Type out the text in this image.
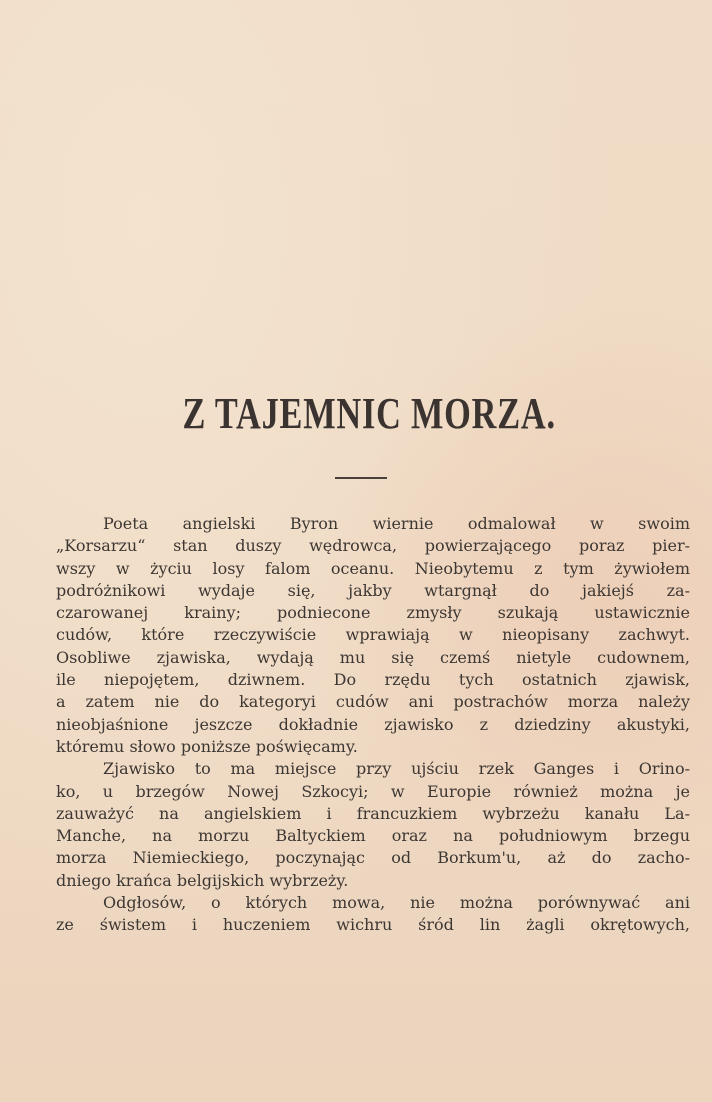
Z TAJEMNIC MORZA.
Poeta angielski Byron wiernie odmalował w swoim
„Korsarzu“ stan duszy wędrowca, powierzającego poraz pier-
wszy w życiu losy falom oceanu. Nieobytemu z tym żywiołem
podróżnikowi wydaje się, jakby wtargnął do jakiejś za-
czarowanej krainy; podniecone zmysły szukają ustawicznie
cudów, które rzeczywiście wprawiają w nieopisany zachwyt.
Osobliwe zjawiska, wydają mu się czemś nietyle cudownem,
ile niepojętem, dziwnem. Do rzędu tych ostatnich zjawisk,
a zatem nie do kategoryi cudów ani postrachów morza należy
nieobjaśnione jeszcze dokładnie zjawisko z dziedziny akustyki,
któremu słowo poniższe poświęcamy.
Zjawisko to ma miejsce przy ujściu rzek Ganges i Orino-
ko, u brzegów Nowej Szkocyi; w Europie również można je
zauważyć na angielskiem i francuzkiem wybrzeżu kanału La-
Manche, na morzu Baltyckiem oraz na południowym brzegu
morza Niemieckiego, poczynając od Borkum'u, aż do zacho-
dniego krańca belgijskich wybrzeży.
Odgłosów, o których mowa, nie można porównywać ani
ze świstem i huczeniem wichru śród lin żagli okrętowych,
